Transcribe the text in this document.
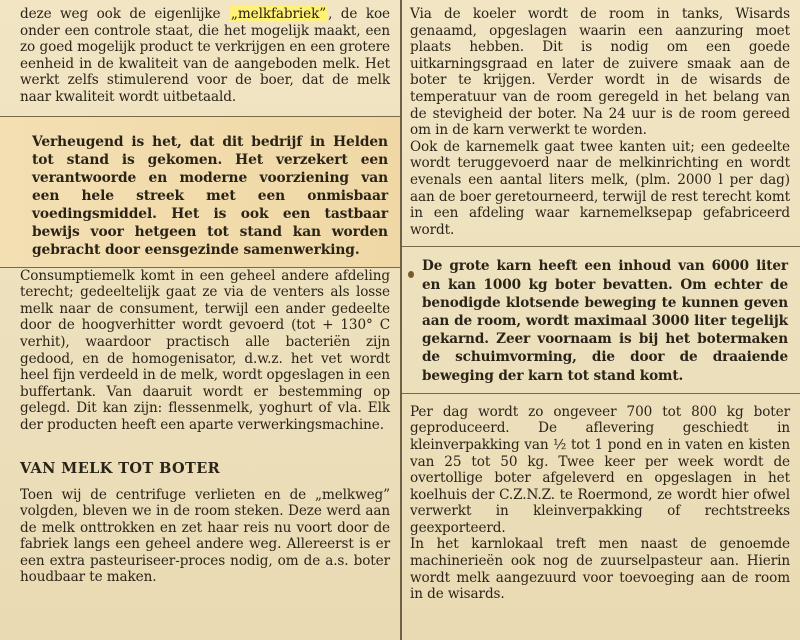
deze weg ook de eigenlijke „melkfabriek” , de koe onder een controle staat, die het mogelijk maakt, een zo goed mogelijk product te verkrijgen en een grotere eenheid in de kwaliteit van de aangeboden melk. Het werkt zelfs stimulerend voor de boer, dat de melk naar kwaliteit wordt uitbetaald.

Verheugend is het, dat dit bedrijf in Helden tot stand is gekomen. Het verzekert een verantwoorde en moderne voorziening van een hele streek met een onmisbaar voedingsmiddel. Het is ook een tastbaar bewijs voor hetgeen tot stand kan worden gebracht door eensgezinde samenwerking.

Consumptiemelk komt in een geheel andere afdeling terecht; gedeeltelijk gaat ze via de venters als losse melk naar de consument, terwijl een ander gedeelte door de hoogverhitter wordt gevoerd (tot + 130° C verhit), waardoor practisch alle bacteriën zijn gedood, en de homogenisator, d.w.z. het vet wordt heel fijn verdeeld in de melk, wordt opgeslagen in een buffertank. Van daaruit wordt er bestemming op gelegd. Dit kan zijn: flessenmelk, yoghurt of vla. Elk der producten heeft een aparte verwerkingsmachine.

VAN MELK TOT BOTER

Toen wij de centrifuge verlieten en de „melkweg” volgden, bleven we in de room steken. Deze werd aan de melk onttrokken en zet haar reis nu voort door de fabriek langs een geheel andere weg. Allereerst is er een extra pasteuriseer-proces nodig, om de a.s. boter houdbaar te maken.

Via de koeler wordt de room in tanks, Wisards genaamd, opgeslagen waarin een aanzuring moet plaats hebben. Dit is nodig om een goede uitkarningsgraad en later de zuivere smaak aan de boter te krijgen. Verder wordt in de wisards de temperatuur van de room geregeld in het belang van de stevigheid der boter. Na 24 uur is de room gereed om in de karn verwerkt te worden.

Ook de karnemelk gaat twee kanten uit; een gedeelte wordt teruggevoerd naar de melkinrichting en wordt evenals een aantal liters melk, (plm. 2000 l per dag) aan de boer geretourneerd, terwijl de rest terecht komt in een afdeling waar karnemelksepap gefabriceerd wordt.

De grote karn heeft een inhoud van 6000 liter en kan 1000 kg boter bevatten. Om echter de benodigde klotsende beweging te kunnen geven aan de room, wordt maximaal 3000 liter tegelijk gekarnd. Zeer voornaam is bij het botermaken de schuimvorming, die door de draaiende beweging der karn tot stand komt.

Per dag wordt zo ongeveer 700 tot 800 kg boter geproduceerd. De aflevering geschiedt in kleinverpakking van ½ tot 1 pond en in vaten en kisten van 25 tot 50 kg. Twee keer per week wordt de overtollige boter afgeleverd en opgeslagen in het koelhuis der C.Z.N.Z. te Roermond, ze wordt hier ofwel verwerkt in kleinverpakking of rechtstreeks geexporteerd.

In het karnlokaal treft men naast de genoemde machinerieën ook nog de zuurselpasteur aan. Hierin wordt melk aangezuurd voor toevoeging aan de room in de wisards.
